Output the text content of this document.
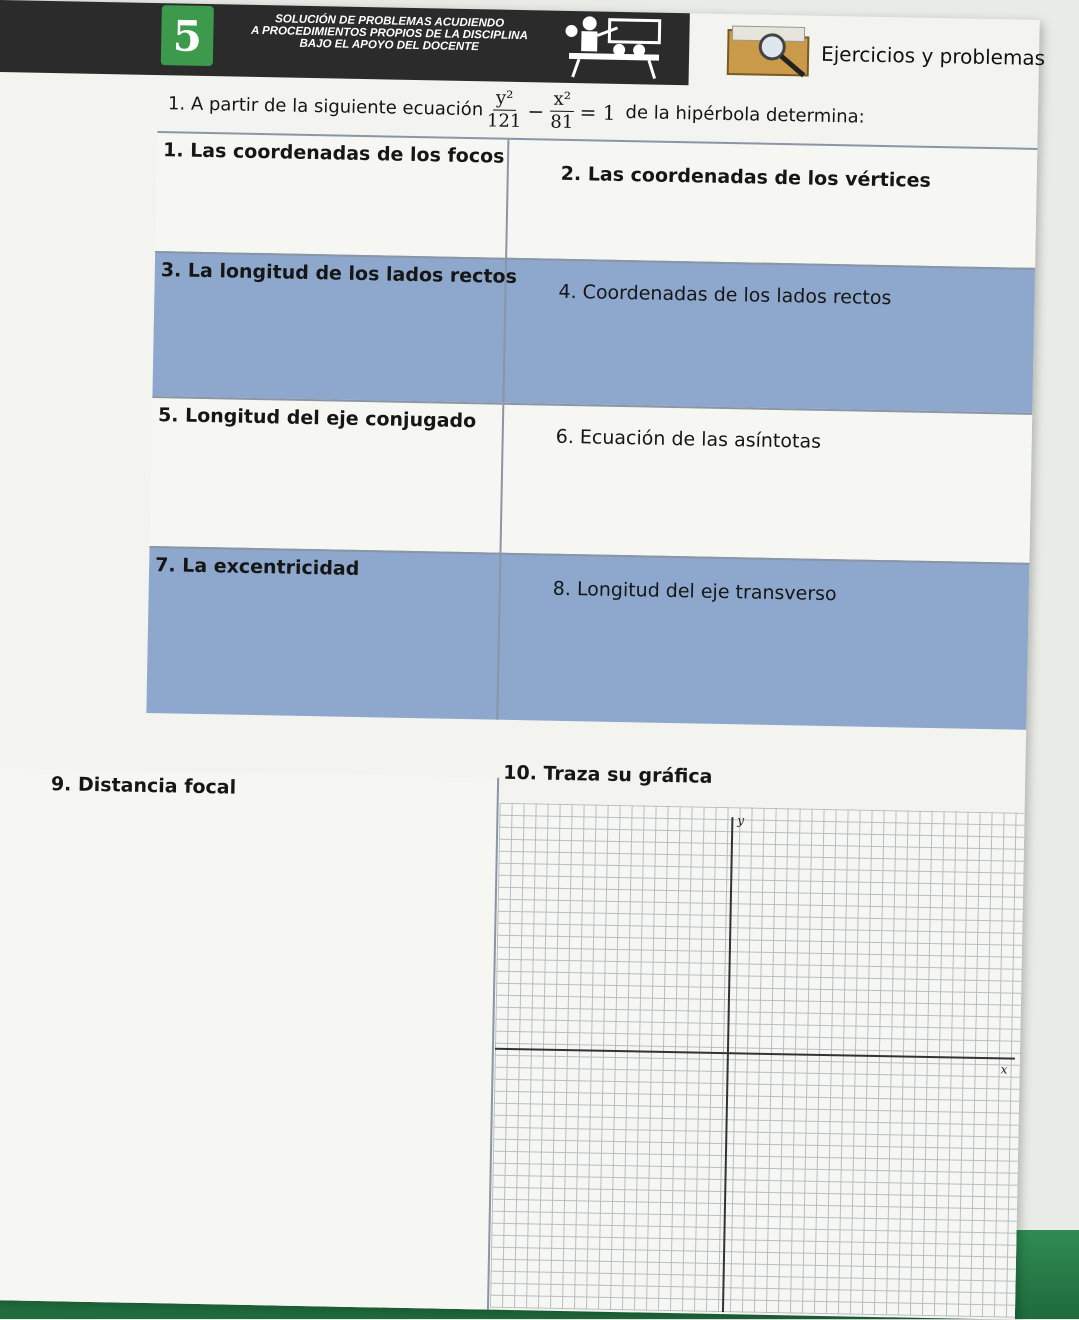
5	SOLUCIÓN DE PROBLEMAS ACUDIENDO
A PROCEDIMIENTOS PROPIOS DE LA DISCIPLINA
BAJO EL APOYO DEL DOCENTE	Ejercicios y problemas
1. A partir de la siguiente ecuación $\frac{\text{y²}}{121} - \frac{\text{x²}}{81} = 1$ de la hipérbola determina:
1. Las coordenadas de los focos
2. Las coordenadas de los vértices
3. La longitud de los lados rectos
4. Coordenadas de los lados rectos
5. Longitud del eje conjugado
6. Ecuación de las asíntotas
7. La excentricidad
8. Longitud del eje transverso
9. Distancia focal	10. Traza su gráfica
y
x
